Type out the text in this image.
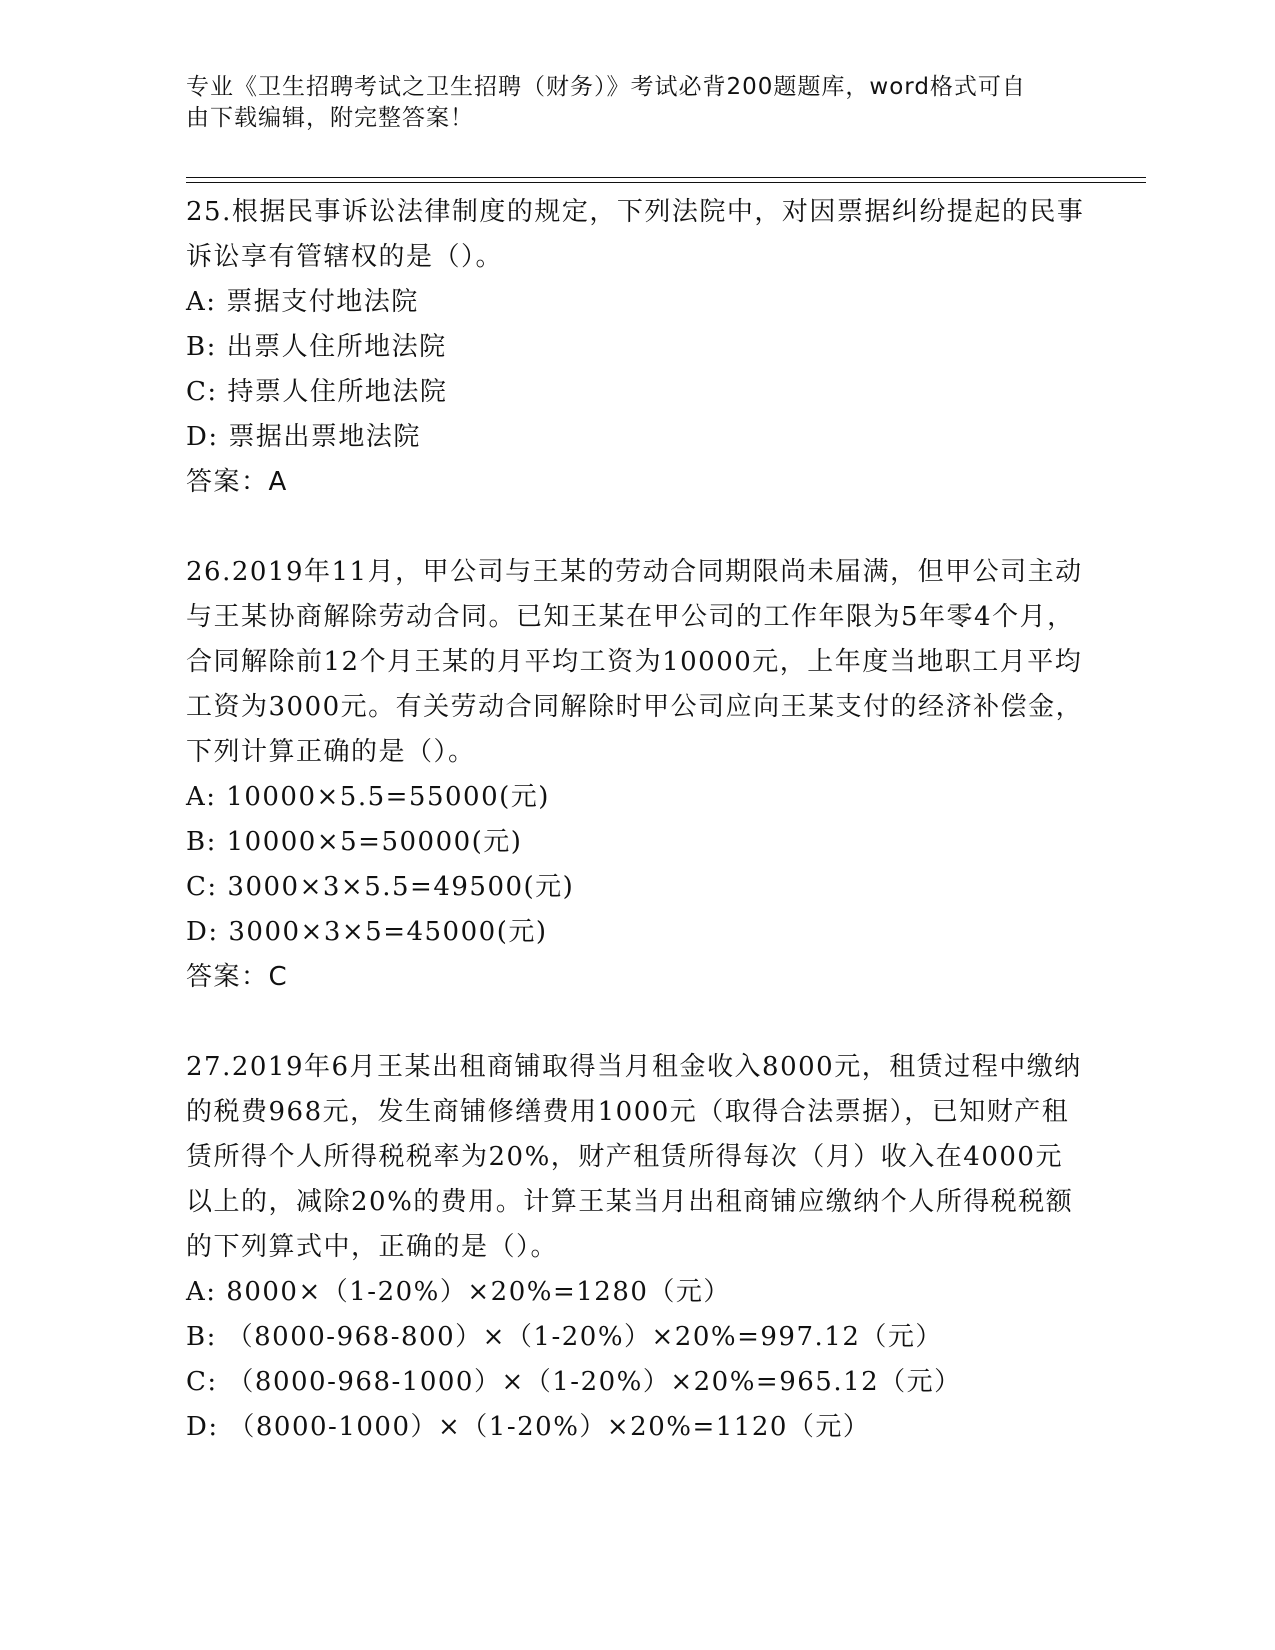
专业《卫生招聘考试之卫生招聘（财务）》考试必背200题题库，word格式可自
由下载编辑，附完整答案！

25.根据民事诉讼法律制度的规定，下列法院中，对因票据纠纷提起的民事诉讼享有管辖权的是（）。

A: 票据支付地法院

B: 出票人住所地法院

C: 持票人住所地法院

D: 票据出票地法院

答案：A

26.2019年11月，甲公司与王某的劳动合同期限尚未届满，但甲公司主动与王某协商解除劳动合同。已知王某在甲公司的工作年限为5年零4个月，合同解除前12个月王某的月平均工资为10000元，上年度当地职工月平均工资为3000元。有关劳动合同解除时甲公司应向王某支付的经济补偿金，下列计算正确的是（）。

A: 10000×5.5=55000(元)

B: 10000×5=50000(元)

C: 3000×3×5.5=49500(元)

D: 3000×3×5=45000(元)

答案：C

27.2019年6月王某出租商铺取得当月租金收入8000元，租赁过程中缴纳的税费968元，发生商铺修缮费用1000元（取得合法票据），已知财产租赁所得个人所得税税率为20%，财产租赁所得每次（月）收入在4000元以上的，减除20%的费用。计算王某当月出租商铺应缴纳个人所得税税额的下列算式中，正确的是（）。

A: 8000×（1-20%）×20%=1280（元）

B: （8000-968-800）×（1-20%）×20%=997.12（元）

C: （8000-968-1000）×（1-20%）×20%=965.12（元）

D: （8000-1000）×（1-20%）×20%=1120（元）
